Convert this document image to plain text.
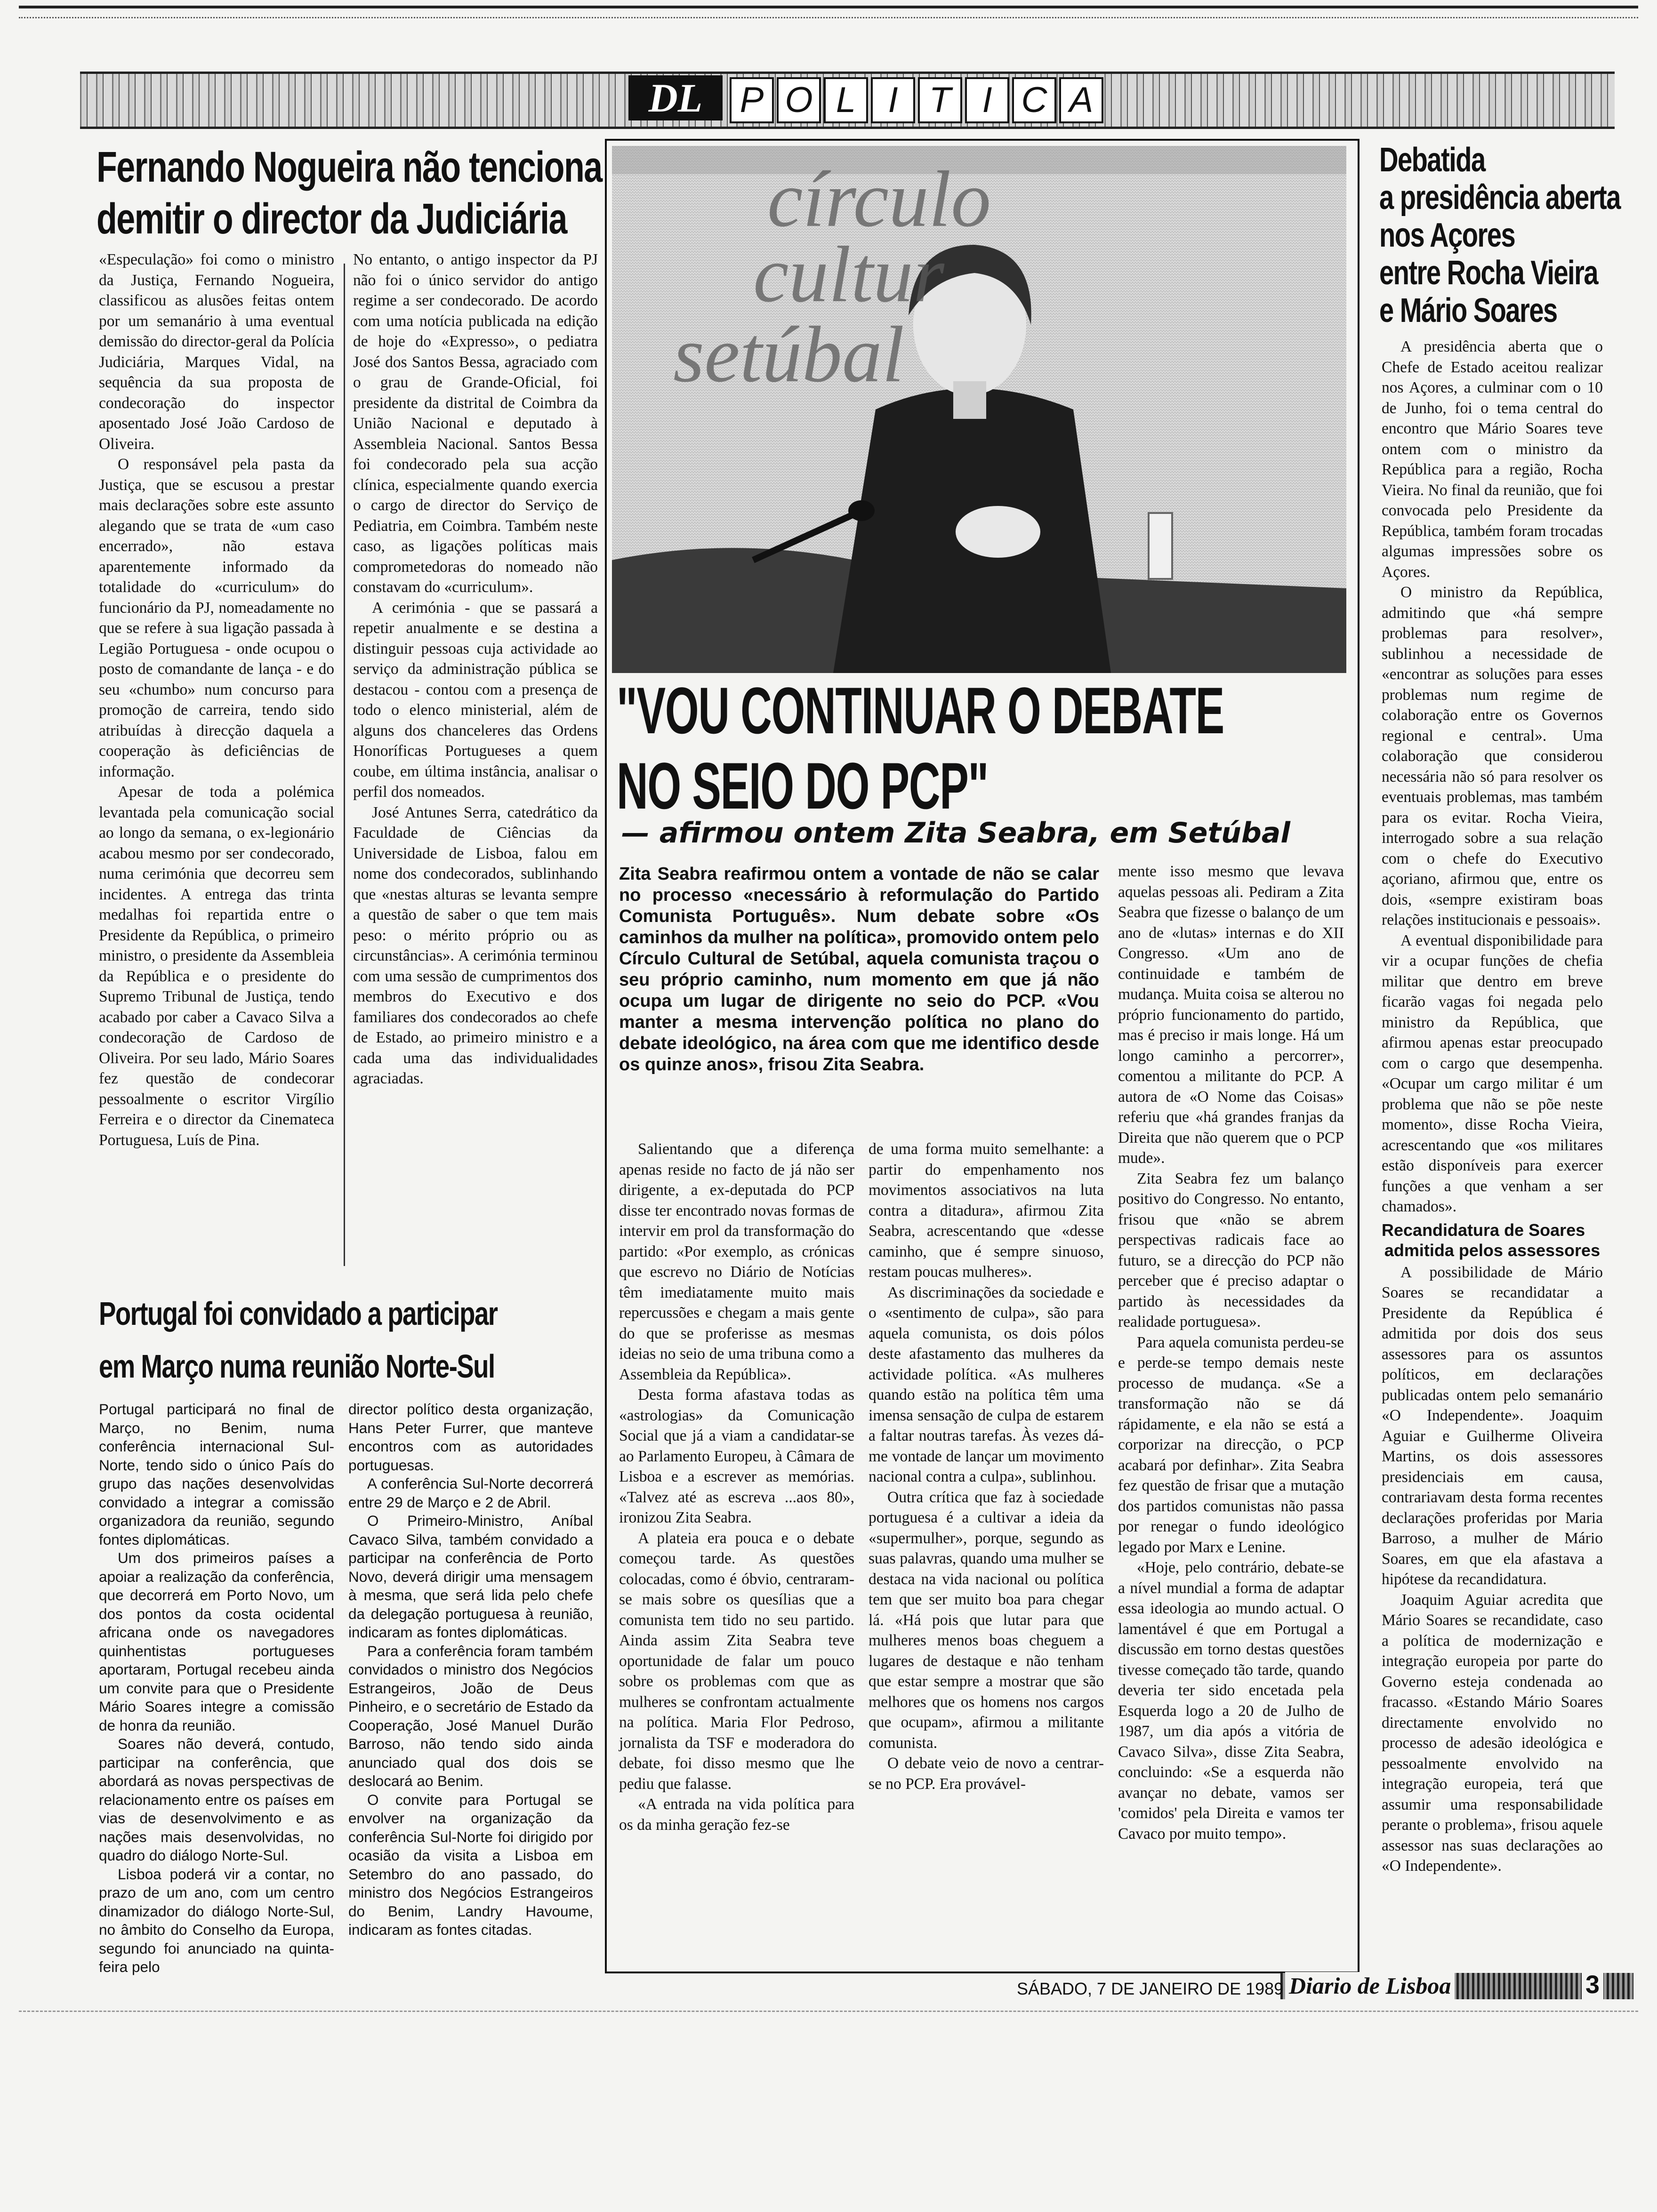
DL	P O L I T I C A
Fernando Nogueira não tenciona
demitir o director da Judiciária

«Especulação» foi como o ministro da Justiça, Fernando Nogueira, classificou as alusões feitas ontem por um semanário à uma eventual demissão do director-geral da Polícia Judiciária, Marques Vidal, na sequência da sua proposta de condecoração do inspector aposentado José João Cardoso de Oliveira.

O responsável pela pasta da Justiça, que se escusou a prestar mais declarações sobre este assunto alegando que se trata de «um caso encerrado», não estava aparentemente informado da totalidade do «curriculum» do funcionário da PJ, nomeadamente no que se refere à sua ligação passada à Legião Portuguesa - onde ocupou o posto de comandante de lança - e do seu «chumbo» num concurso para promoção de carreira, tendo sido atribuídas à direcção daquela a cooperação às deficiências de informação.

Apesar de toda a polémica levantada pela comunicação social ao longo da semana, o ex-legionário acabou mesmo por ser condecorado, numa cerimónia que decorreu sem incidentes. A entrega das trinta medalhas foi repartida entre o Presidente da República, o primeiro ministro, o presidente da Assembleia da República e o presidente do Supremo Tribunal de Justiça, tendo acabado por caber a Cavaco Silva a condecoração de Cardoso de Oliveira. Por seu lado, Mário Soares fez questão de condecorar pessoalmente o escritor Virgílio Ferreira e o director da Cinemateca Portuguesa, Luís de Pina.

No entanto, o antigo inspector da PJ não foi o único servidor do antigo regime a ser condecorado. De acordo com uma notícia publicada na edição de hoje do «Expresso», o pediatra José dos Santos Bessa, agraciado com o grau de Grande-Oficial, foi presidente da distrital de Coimbra da União Nacional e deputado à Assembleia Nacional. Santos Bessa foi condecorado pela sua acção clínica, especialmente quando exercia o cargo de director do Serviço de Pediatria, em Coimbra. Também neste caso, as ligações políticas mais comprometedoras do nomeado não constavam do «curriculum».

A cerimónia - que se passará a repetir anualmente e se destina a distinguir pessoas cuja actividade ao serviço da administração pública se destacou - contou com a presença de todo o elenco ministerial, além de alguns dos chanceleres das Ordens Honoríficas Portugueses a quem coube, em última instância, analisar o perfil dos nomeados.

José Antunes Serra, catedrático da Faculdade de Ciências da Universidade de Lisboa, falou em nome dos condecorados, sublinhando que «nestas alturas se levanta sempre a questão de saber o que tem mais peso: o mérito próprio ou as circunstâncias». A cerimónia terminou com uma sessão de cumprimentos dos membros do Executivo e dos familiares dos condecorados ao chefe de Estado, ao primeiro ministro e a cada uma das individualidades agraciadas.

Portugal foi convidado a participar
em Março numa reunião Norte-Sul

Portugal participará no final de Março, no Benim, numa conferência internacional Sul-Norte, tendo sido o único País do grupo das nações desenvolvidas convidado a integrar a comissão organizadora da reunião, segundo fontes diplomáticas.

Um dos primeiros países a apoiar a realização da conferência, que decorrerá em Porto Novo, um dos pontos da costa ocidental africana onde os navegadores quinhentistas portugueses aportaram, Portugal recebeu ainda um convite para que o Presidente Mário Soares integre a comissão de honra da reunião.

Soares não deverá, contudo, participar na conferência, que abordará as novas perspectivas de relacionamento entre os países em vias de desenvolvimento e as nações mais desenvolvidas, no quadro do diálogo Norte-Sul.

Lisboa poderá vir a contar, no prazo de um ano, com um centro dinamizador do diálogo Norte-Sul, no âmbito do Conselho da Europa, segundo foi anunciado na quinta-feira pelo

director político desta organização, Hans Peter Furrer, que manteve encontros com as autoridades portuguesas.

A conferência Sul-Norte decorrerá entre 29 de Março e 2 de Abril.

O Primeiro-Ministro, Aníbal Cavaco Silva, também convidado a participar na conferência de Porto Novo, deverá dirigir uma mensagem à mesma, que será lida pelo chefe da delegação portuguesa à reunião, indicaram as fontes diplomáticas.

Para a conferência foram também convidados o ministro dos Negócios Estrangeiros, João de Deus Pinheiro, e o secretário de Estado da Cooperação, José Manuel Durão Barroso, não tendo sido ainda anunciado qual dos dois se deslocará ao Benim.

O convite para Portugal se envolver na organização da conferência Sul-Norte foi dirigido por ocasião da visita a Lisboa em Setembro do ano passado, do ministro dos Negócios Estrangeiros do Benim, Landry Havoume, indicaram as fontes citadas.

círculo
cultur
setúbal
"VOU CONTINUAR O DEBATE
NO SEIO DO PCP"
— afirmou ontem Zita Seabra, em Setúbal
Zita Seabra reafirmou ontem a vontade de não se calar no processo «necessário à reformulação do Partido Comunista Português». Num debate sobre «Os caminhos da mulher na política», promovido ontem pelo Círculo Cultural de Setúbal, aquela comunista traçou o seu próprio caminho, num momento em que já não ocupa um lugar de dirigente no seio do PCP. «Vou manter a mesma intervenção política no plano do debate ideológico, na área com que me identifico desde os quinze anos», frisou Zita Seabra.

mente isso mesmo que levava aquelas pessoas ali. Pediram a Zita Seabra que fizesse o balanço de um ano de «lutas» internas e do XII Congresso. «Um ano de continuidade e também de mudança. Muita coisa se alterou no próprio funcionamento do partido, mas é preciso ir mais longe. Há um longo caminho a percorrer», comentou a militante do PCP. A autora de «O Nome das Coisas» referiu que «há grandes franjas da Direita que não querem que o PCP mude».

Zita Seabra fez um balanço positivo do Congresso. No entanto, frisou que «não se abrem perspectivas radicais face ao futuro, se a direcção do PCP não perceber que é preciso adaptar o partido às necessidades da realidade portuguesa».

Para aquela comunista perdeu-se e perde-se tempo demais neste processo de mudança. «Se a transformação não se dá rápidamente, e ela não se está a corporizar na direcção, o PCP acabará por definhar». Zita Seabra fez questão de frisar que a mutação dos partidos comunistas não passa por renegar o fundo ideológico legado por Marx e Lenine.

«Hoje, pelo contrário, debate-se a nível mundial a forma de adaptar essa ideologia ao mundo actual. O lamentável é que em Portugal a discussão em torno destas questões tivesse começado tão tarde, quando deveria ter sido encetada pela Esquerda logo a 20 de Julho de 1987, um dia após a vitória de Cavaco Silva», disse Zita Seabra, concluindo: «Se a esquerda não avançar no debate, vamos ser 'comidos' pela Direita e vamos ter Cavaco por muito tempo».

Salientando que a diferença apenas reside no facto de já não ser dirigente, a ex-deputada do PCP disse ter encontrado novas formas de intervir em prol da transformação do partido: «Por exemplo, as crónicas que escrevo no Diário de Notícias têm imediatamente muito mais repercussões e chegam a mais gente do que se proferisse as mesmas ideias no seio de uma tribuna como a Assembleia da República».

Desta forma afastava todas as «astrologias» da Comunicação Social que já a viam a candidatar-se ao Parlamento Europeu, à Câmara de Lisboa e a escrever as memórias. «Talvez até as escreva ...aos 80», ironizou Zita Seabra.

A plateia era pouca e o debate começou tarde. As questões colocadas, como é óbvio, centraram-se mais sobre os quesílias que a comunista tem tido no seu partido. Ainda assim Zita Seabra teve oportunidade de falar um pouco sobre os problemas com que as mulheres se confrontam actualmente na política. Maria Flor Pedroso, jornalista da TSF e moderadora do debate, foi disso mesmo que lhe pediu que falasse.

«A entrada na vida política para os da minha geração fez-se

de uma forma muito semelhante: a partir do empenhamento nos movimentos associativos na luta contra a ditadura», afirmou Zita Seabra, acrescentando que «desse caminho, que é sempre sinuoso, restam poucas mulheres».

As discriminações da sociedade e o «sentimento de culpa», são para aquela comunista, os dois pólos deste afastamento das mulheres da actividade política. «As mulheres quando estão na política têm uma imensa sensação de culpa de estarem a faltar noutras tarefas. Às vezes dá-me vontade de lançar um movimento nacional contra a culpa», sublinhou.

Outra crítica que faz à sociedade portuguesa é a cultivar a ideia da «supermulher», porque, segundo as suas palavras, quando uma mulher se destaca na vida nacional ou política tem que ser muito boa para chegar lá. «Há pois que lutar para que mulheres menos boas cheguem a lugares de destaque e não tenham que estar sempre a mostrar que são melhores que os homens nos cargos que ocupam», afirmou a militante comunista.

O debate veio de novo a centrar-se no PCP. Era provável-

Debatida
a presidência aberta
nos Açores
entre Rocha Vieira
e Mário Soares

A presidência aberta que o Chefe de Estado aceitou realizar nos Açores, a culminar com o 10 de Junho, foi o tema central do encontro que Mário Soares teve ontem com o ministro da República para a região, Rocha Vieira. No final da reunião, que foi convocada pelo Presidente da República, também foram trocadas algumas impressões sobre os Açores.

O ministro da República, admitindo que «há sempre problemas para resolver», sublinhou a necessidade de «encontrar as soluções para esses problemas num regime de colaboração entre os Governos regional e central». Uma colaboração que considerou necessária não só para resolver os eventuais problemas, mas também para os evitar. Rocha Vieira, interrogado sobre a sua relação com o chefe do Executivo açoriano, afirmou que, entre os dois, «sempre existiram boas relações institucionais e pessoais».

A eventual disponibilidade para vir a ocupar funções de chefia militar que dentro em breve ficarão vagas foi negada pelo ministro da República, que afirmou apenas estar preocupado com o cargo que desempenha. «Ocupar um cargo militar é um problema que não se põe neste momento», disse Rocha Vieira, acrescentando que «os militares estão disponíveis para exercer funções a que venham a ser chamados».

Recandidatura de Soares
admitida pelos assessores

A possibilidade de Mário Soares se recandidatar a Presidente da República é admitida por dois dos seus assessores para os assuntos políticos, em declarações publicadas ontem pelo semanário «O Independente». Joaquim Aguiar e Guilherme Oliveira Martins, os dois assessores presidenciais em causa, contrariavam desta forma recentes declarações proferidas por Maria Barroso, a mulher de Mário Soares, em que ela afastava a hipótese da recandidatura.

Joaquim Aguiar acredita que Mário Soares se recandidate, caso a política de modernização e integração europeia por parte do Governo esteja condenada ao fracasso. «Estando Mário Soares directamente envolvido no processo de adesão ideológica e pessoalmente envolvido na integração europeia, terá que assumir uma responsabilidade perante o problema», frisou aquele assessor nas suas declarações ao «O Independente».

SÁBADO, 7 DE JANEIRO DE 1989 Diario de Lisboa	3
